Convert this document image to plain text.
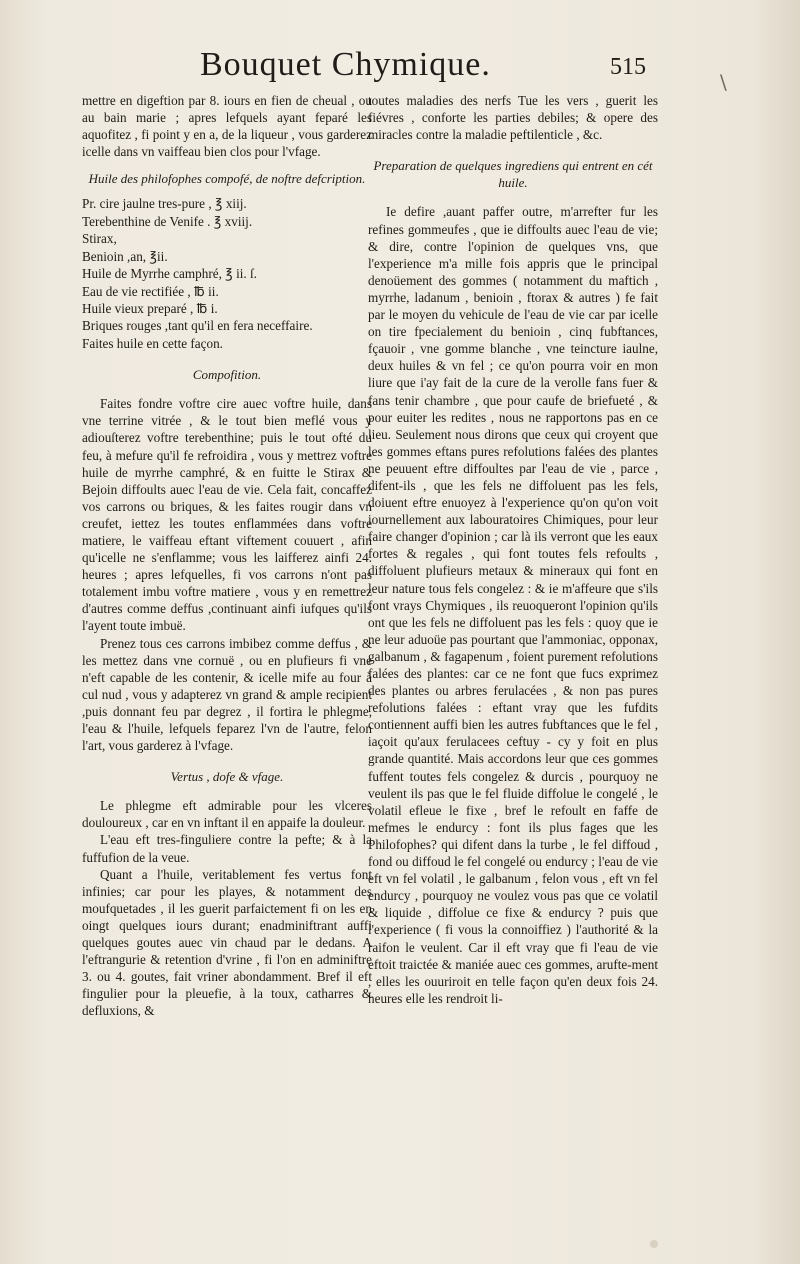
Bouquet Chymique.	515
\

mettre en digeftion par 8. iours en fien de cheual , ou au bain marie ; apres lefquels ayant feparé les aquofitez , fi point y en a, de la liqueur , vous garderez icelle dans vn vaiffeau bien clos pour l'vfage.

Huile des philofophes compofé, de noftre defcription.
Pr. cire jaulne tres-pure , ℥ xiij.
Terebenthine de Venife . ℥ xviij.
Stirax,
Benioin ,an, ℥ii.
Huile de Myrrhe camphré, ℥ ii. ſ.
Eau de vie rectifiée , ℔ ii.
Huile vieux preparé , ℔ i.
Briques rouges ,tant qu'il en fera neceffaire.
Faites huile en cette façon.
Compofition.

Faites fondre voftre cire auec voftre huile, dans vne terrine vitrée , & le tout bien meflé vous y adiouſterez voftre terebenthine; puis le tout ofté du feu, à mefure qu'il fe refroidira , vous y mettrez voftre huile de myrrhe camphré, & en fuitte le Stirax & Bejoin diffoults auec l'eau de vie. Cela fait, concaffez vos carrons ou briques, & les faites rougir dans vn creufet, iettez les toutes enflammées dans voftre matiere, le vaiffeau eftant viftement couuert , afin qu'icelle ne s'enflamme; vous les laifferez ainfi 24. heures ; apres lefquelles, fi vos carrons n'ont pas totalement imbu voftre matiere , vous y en remettrez d'autres comme deffus ,continuant ainfi iufques qu'ils l'ayent toute imbuë.

Prenez tous ces carrons imbibez comme deffus , & les mettez dans vne cornuë , ou en plufieurs fi vne n'eft capable de les contenir, & icelle mife au four à cul nud , vous y adapterez vn grand & ample recipient ,puis donnant feu par degrez , il fortira le phlegme, l'eau & l'huile, lefquels feparez l'vn de l'autre, felon l'art, vous garderez à l'vfage.

Vertus , dofe & vfage.

Le phlegme eft admirable pour les vlceres douloureux , car en vn inftant il en appaife la douleur.

L'eau eft tres-finguliere contre la pefte; & à la fuffufion de la veue.

Quant a l'huile, veritablement fes vertus font infinies; car pour les playes, & notamment des moufquetades , il les guerit parfaictement fi on les en oingt quelques iours durant; enadminiftrant auffi quelques goutes auec vin chaud par le dedans. A l'eftrangurie & retention d'vrine , fi l'on en adminiftre 3. ou 4. goutes, fait vriner abondamment. Bref il eft fingulier pour la pleuefie, à la toux, catharres & defluxions, &

toutes maladies des nerfs Tue les vers , guerit les fiévres , conforte les parties debiles; & opere des miracles contre la maladie peftilenticle , &c.

Preparation de quelques ingrediens qui entrent en cét huile.

Ie defire ,auant paffer outre, m'arrefter fur les refines gommeufes , que ie diffoults auec l'eau de vie; & dire, contre l'opinion de quelques vns, que l'experience m'a mille fois appris que le principal denoüement des gommes ( notamment du maftich , myrrhe, ladanum , benioin , ftorax & autres ) fe fait par le moyen du vehicule de l'eau de vie car par icelle on tire fpecialement du benioin , cinq fubftances, fçauoir , vne gomme blanche , vne teincture iaulne, deux huiles & vn fel ; ce qu'on pourra voir en mon liure que i'ay fait de la cure de la verolle fans fuer & fans tenir chambre , que pour caufe de briefueté , & pour euiter les redites , nous ne rapportons pas en ce lieu. Seulement nous dirons que ceux qui croyent que les gommes eftans pures refolutions falées des plantes ne peuuent eftre diffoultes par l'eau de vie , parce , difent-ils , que les fels ne diffoluent pas les fels, doiuent eftre enuoyez à l'experience qu'on qu'on voit iournellement aux labouratoires Chimiques, pour leur faire changer d'opinion ; car là ils verront que les eaux fortes & regales , qui font toutes fels refoults , diffoluent plufieurs metaux & mineraux qui font en leur nature tous fels congelez : & ie m'affeure que s'ils font vrays Chymiques , ils reuoqueront l'opinion qu'ils ont que les fels ne diffoluent pas les fels : quoy que ie ne leur aduoüe pas pourtant que l'ammoniac, opponax, galbanum , & fagapenum , foient purement refolutions falées des plantes: car ce ne font que fucs exprimez des plantes ou arbres ferulacées , & non pas pures refolutions falées : eftant vray que les fufdits contiennent auffi bien les autres fubftances que le fel , iaçoit qu'aux ferulacees ceftuy - cy y foit en plus grande quantité. Mais accordons leur que ces gommes fuffent toutes fels congelez & durcis , pourquoy ne veulent ils pas que le fel fluide diffolue le congelé , le volatil efleue le fixe , bref le refoult en faffe de mefmes le endurcy : font ils plus fages que les Philofophes? qui difent dans la turbe , le fel diffoud , fond ou diffoud le fel congelé ou endurcy ; l'eau de vie eft vn fel volatil , le galbanum , felon vous , eft vn fel endurcy , pourquoy ne voulez vous pas que ce volatil & liquide , diffolue ce fixe & endurcy ? puis que l'experience ( fi vous la connoiffiez ) l'authorité & la raifon le veulent. Car il eft vray que fi l'eau de vie eftoit traictée & maniée auec ces gommes, arufte-ment , elles les ouuriroit en telle façon qu'en deux fois 24. heures elle les rendroit li-
